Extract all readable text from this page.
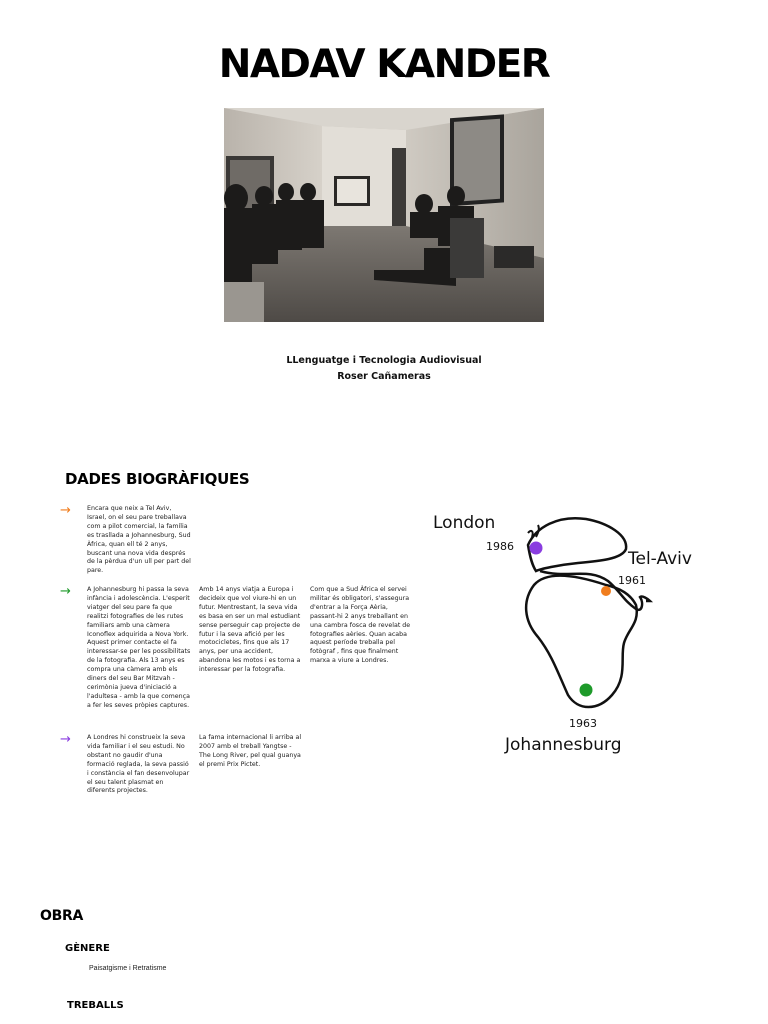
NADAV KANDER
LLenguatge i Tecnologia Audiovisual
Roser Cañameras
DADES BIOGRÀFIQUES
→	Encara que neix a Tel Aviv, Israel, on el seu pare treballava com a pilot comercial, la família es trasllada a Johannesburg, Sud Àfrica, quan ell té 2 anys, buscant una nova vida després de la pèrdua d'un ull per part del pare.

→	A Johannesburg hi passa la seva infància i adolescència. L'esperit viatger del seu pare fa que realitzi fotografies de les rutes familiars amb una càmera Iconoflex adquirida a Nova York. Aquest primer contacte el fa interessar-se per les possibilitats de la fotografia. Als 13 anys es compra una càmera amb els diners del seu Bar Mitzvah - cerimònia jueva d'iniciació a l'adultesa - amb la que comença a fer les seves pròpies captures.

Amb 14 anys viatja a Europa i decideix que vol viure-hi en un futur. Mentrestant, la seva vida es basa en ser un mal estudiant sense perseguir cap projecte de futur i la seva afició per les motocicletes, fins que als 17 anys, per una accident, abandona les motos i es torna a interessar per la fotografia.

Com que a Sud Àfrica el servei militar és obligatori, s'assegura d'entrar a la Força Aèria, passant-hi 2 anys treballant en una cambra fosca de revelat de fotografies aèries. Quan acaba aquest període treballa pel fotògraf , fins que finalment marxa a viure a Londres.

→	A Londres hi construeix la seva vida familiar i el seu estudi. No obstant no gaudir d'una formació reglada, la seva passió i constància el fan desenvolupar el seu talent plasmat en diferents projectes.

La fama internacional li arriba al 2007 amb el treball Yangtse - The Long River, pel qual guanya el premi Prix Pictet.

London
1986
Tel-Aviv
1961
1963
Johannesburg
OBRA
GÈNERE

Paisatgisme i Retratisme

TREBALLS
